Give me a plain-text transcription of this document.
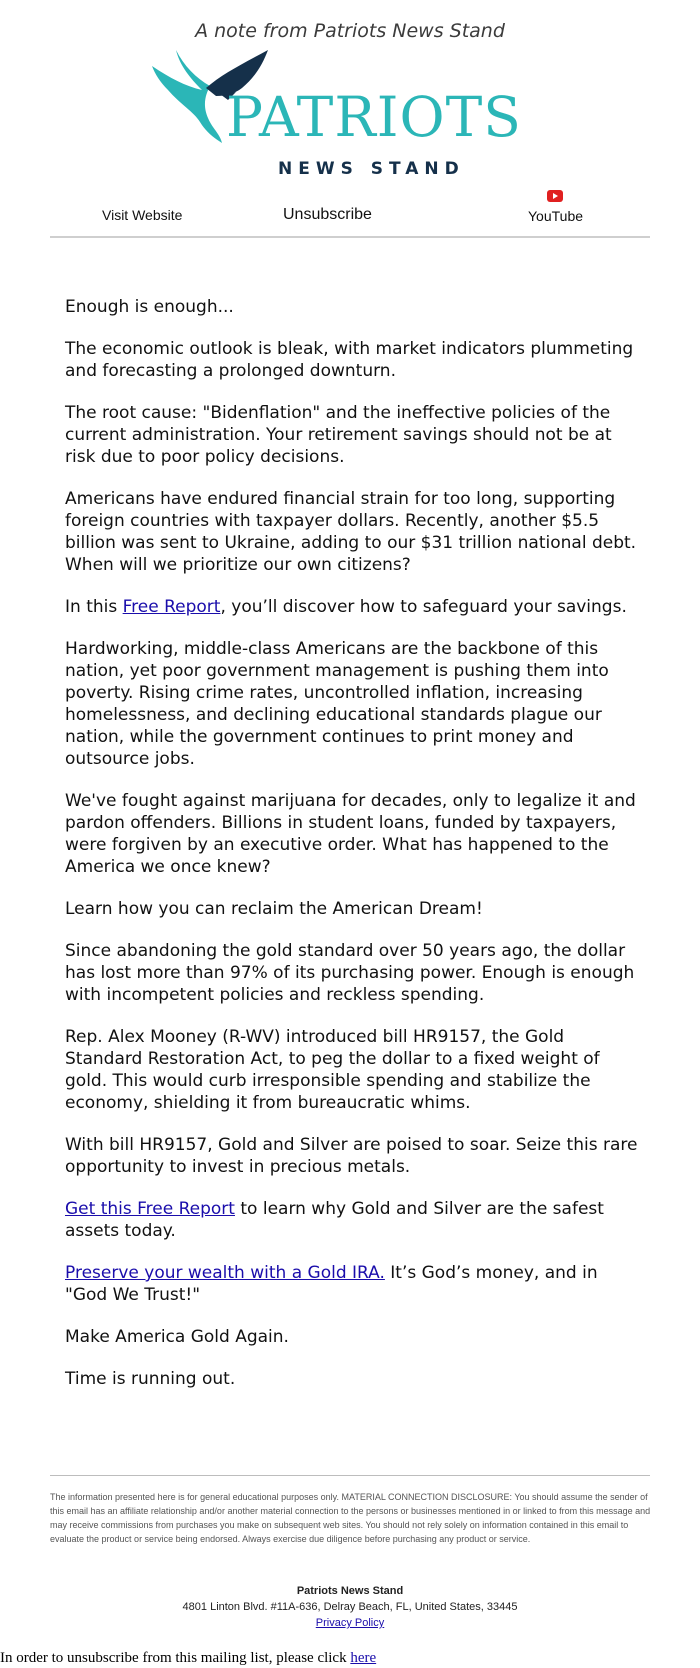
A note from Patriots News Stand
PATRIOTS
NEWS STAND
Visit Website	Unsubscribe	YouTube

Enough is enough...

The economic outlook is bleak, with market indicators plummeting and forecasting a prolonged downturn.

The root cause: "Bidenflation" and the ineffective policies of the current administration. Your retirement savings should not be at risk due to poor policy decisions.

Americans have endured financial strain for too long, supporting foreign countries with taxpayer dollars. Recently, another $5.5 billion was sent to Ukraine, adding to our $31 trillion national debt. When will we prioritize our own citizens?

In this Free Report, you’ll discover how to safeguard your savings.

Hardworking, middle-class Americans are the backbone of this nation, yet poor government management is pushing them into poverty. Rising crime rates, uncontrolled inflation, increasing homelessness, and declining educational standards plague our nation, while the government continues to print money and outsource jobs.

We've fought against marijuana for decades, only to legalize it and pardon offenders. Billions in student loans, funded by taxpayers, were forgiven by an executive order. What has happened to the America we once knew?

Learn how you can reclaim the American Dream!

Since abandoning the gold standard over 50 years ago, the dollar has lost more than 97% of its purchasing power. Enough is enough with incompetent policies and reckless spending.

Rep. Alex Mooney (R-WV) introduced bill HR9157, the Gold Standard Restoration Act, to peg the dollar to a fixed weight of gold. This would curb irresponsible spending and stabilize the economy, shielding it from bureaucratic whims.

With bill HR9157, Gold and Silver are poised to soar. Seize this rare opportunity to invest in precious metals.

Get this Free Report to learn why Gold and Silver are the safest assets today.

Preserve your wealth with a Gold IRA. It’s God’s money, and in "God We Trust!"

Make America Gold Again.

Time is running out.

The information presented here is for general educational purposes only. MATERIAL CONNECTION DISCLOSURE: You should assume the sender of this email has an affiliate relationship and/or another material connection to the persons or businesses mentioned in or linked to from this message and may receive commissions from purchases you make on subsequent web sites. You should not rely solely on information contained in this email to evaluate the product or service being endorsed. Always exercise due diligence before purchasing any product or service.
Patriots News Stand
4801 Linton Blvd. #11A-636, Delray Beach, FL, United States, 33445
Privacy Policy
In order to unsubscribe from this mailing list, please click here
